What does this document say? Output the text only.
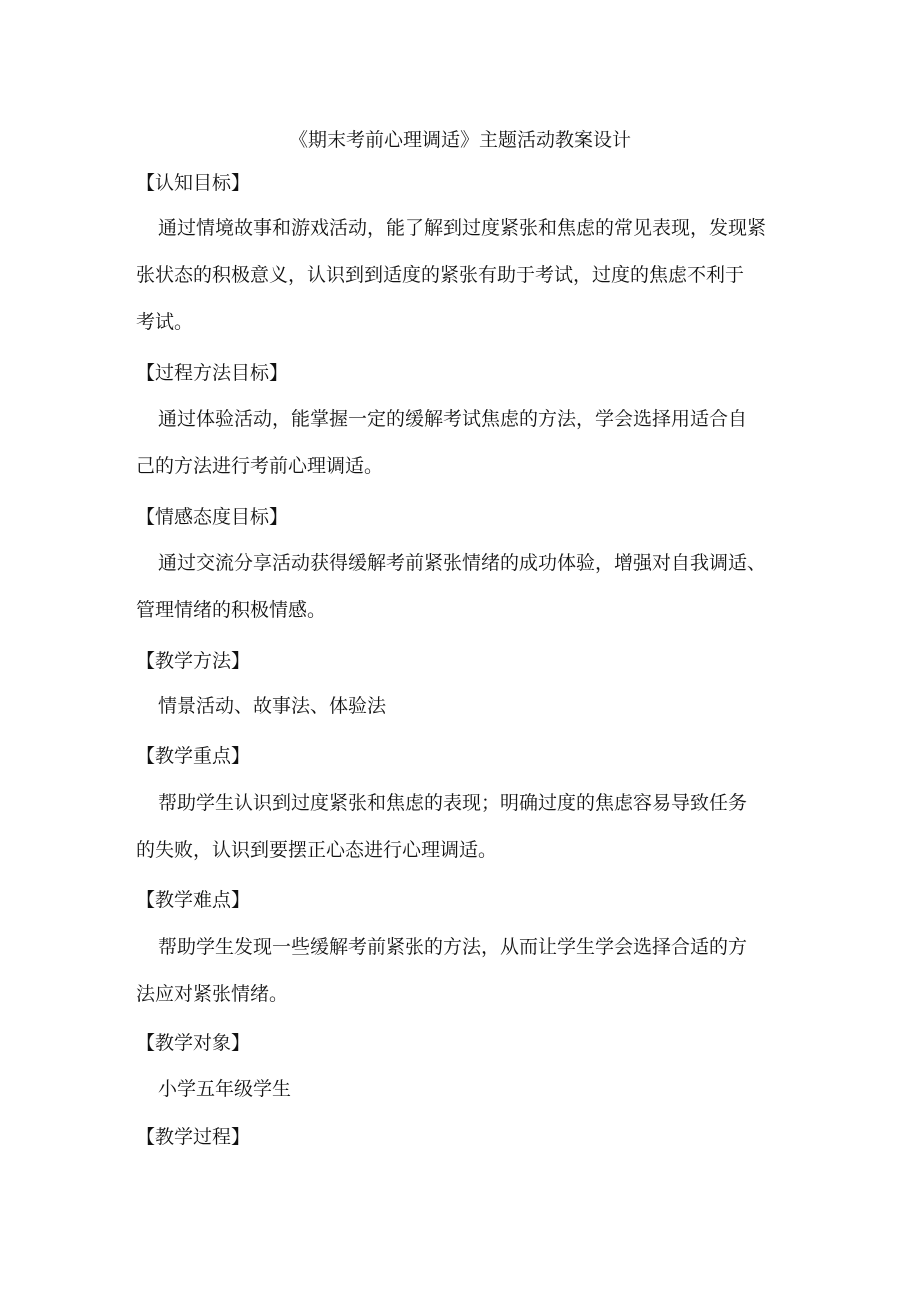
《期末考前心理调适》主题活动教案设计
【认知目标】
通过情境故事和游戏活动，能了解到过度紧张和焦虑的常见表现，发现紧
张状态的积极意义，认识到到适度的紧张有助于考试，过度的焦虑不利于
考试。
【过程方法目标】
通过体验活动，能掌握一定的缓解考试焦虑的方法，学会选择用适合自
己的方法进行考前心理调适。
【情感态度目标】
通过交流分享活动获得缓解考前紧张情绪的成功体验，增强对自我调适、
管理情绪的积极情感。
【教学方法】
情景活动、故事法、体验法
【教学重点】
帮助学生认识到过度紧张和焦虑的表现；明确过度的焦虑容易导致任务
的失败，认识到要摆正心态进行心理调适。
【教学难点】
帮助学生发现一些缓解考前紧张的方法，从而让学生学会选择合适的方
法应对紧张情绪。
【教学对象】
小学五年级学生
【教学过程】
